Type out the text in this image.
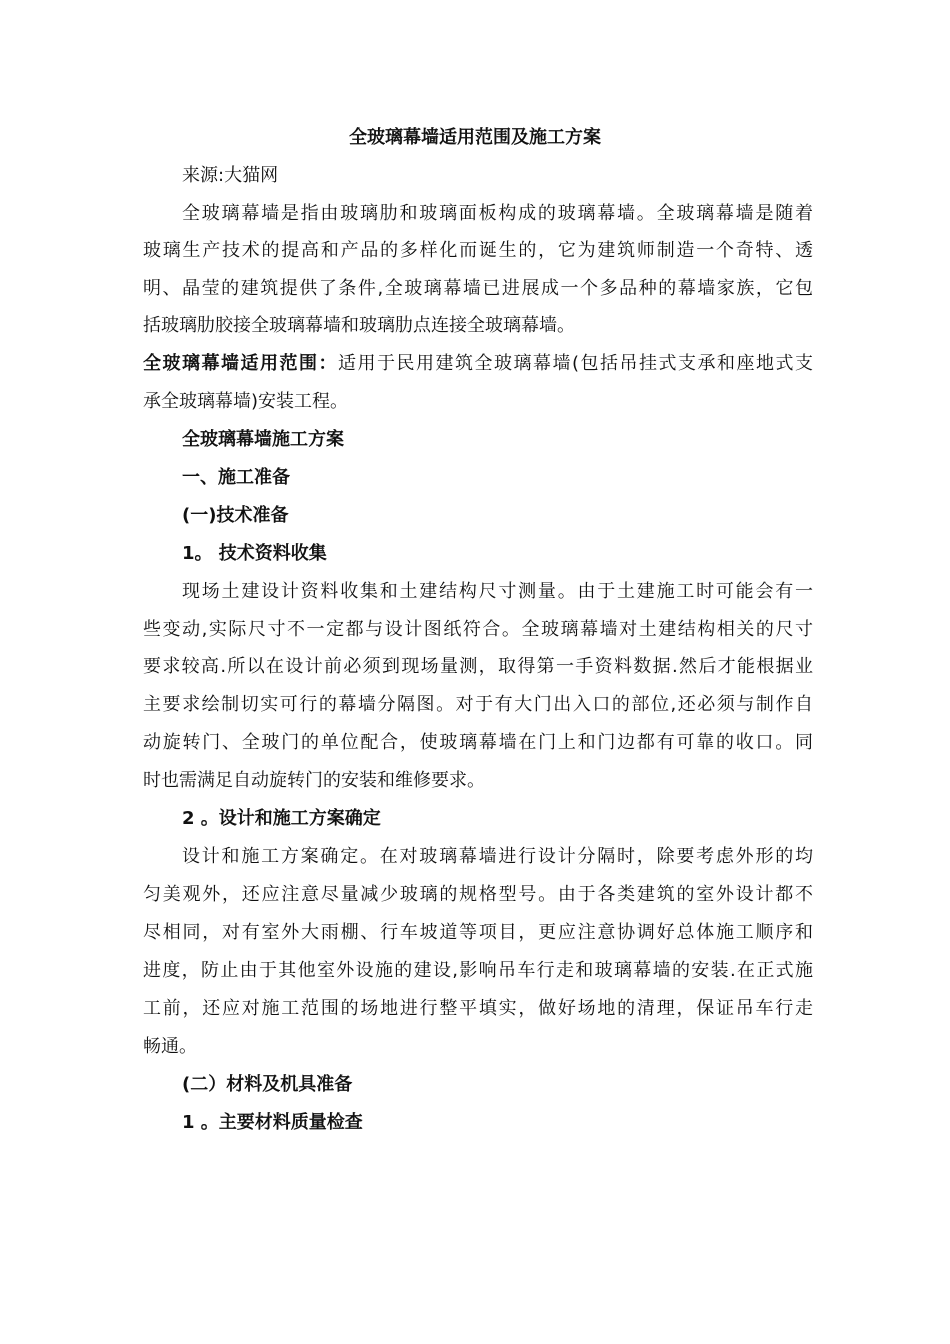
全玻璃幕墙适用范围及施工方案
来源:大猫网
全玻璃幕墙是指由玻璃肋和玻璃面板构成的玻璃幕墙。全玻璃幕墙是随着
玻璃生产技术的提高和产品的多样化而诞生的，它为建筑师制造一个奇特、透
明、晶莹的建筑提供了条件,全玻璃幕墙已进展成一个多品种的幕墙家族，它包
括玻璃肋胶接全玻璃幕墙和玻璃肋点连接全玻璃幕墙。
全玻璃幕墙适用范围：适用于民用建筑全玻璃幕墙(包括吊挂式支承和座地式支
承全玻璃幕墙)安装工程。
全玻璃幕墙施工方案
一、施工准备
(一)技术准备
1。 技术资料收集
现场土建设计资料收集和土建结构尺寸测量。由于土建施工时可能会有一
些变动,实际尺寸不一定都与设计图纸符合。全玻璃幕墙对土建结构相关的尺寸
要求较高.所以在设计前必须到现场量测，取得第一手资料数据.然后才能根据业
主要求绘制切实可行的幕墙分隔图。对于有大门出入口的部位,还必须与制作自
动旋转门、全玻门的单位配合，使玻璃幕墙在门上和门边都有可靠的收口。同
时也需满足自动旋转门的安装和维修要求。
2 。设计和施工方案确定
设计和施工方案确定。在对玻璃幕墙进行设计分隔时，除要考虑外形的均
匀美观外，还应注意尽量减少玻璃的规格型号。由于各类建筑的室外设计都不
尽相同，对有室外大雨棚、行车坡道等项目，更应注意协调好总体施工顺序和
进度，防止由于其他室外设施的建设,影响吊车行走和玻璃幕墙的安装.在正式施
工前，还应对施工范围的场地进行整平填实，做好场地的清理，保证吊车行走
畅通。
(二）材料及机具准备
1 。主要材料质量检查
